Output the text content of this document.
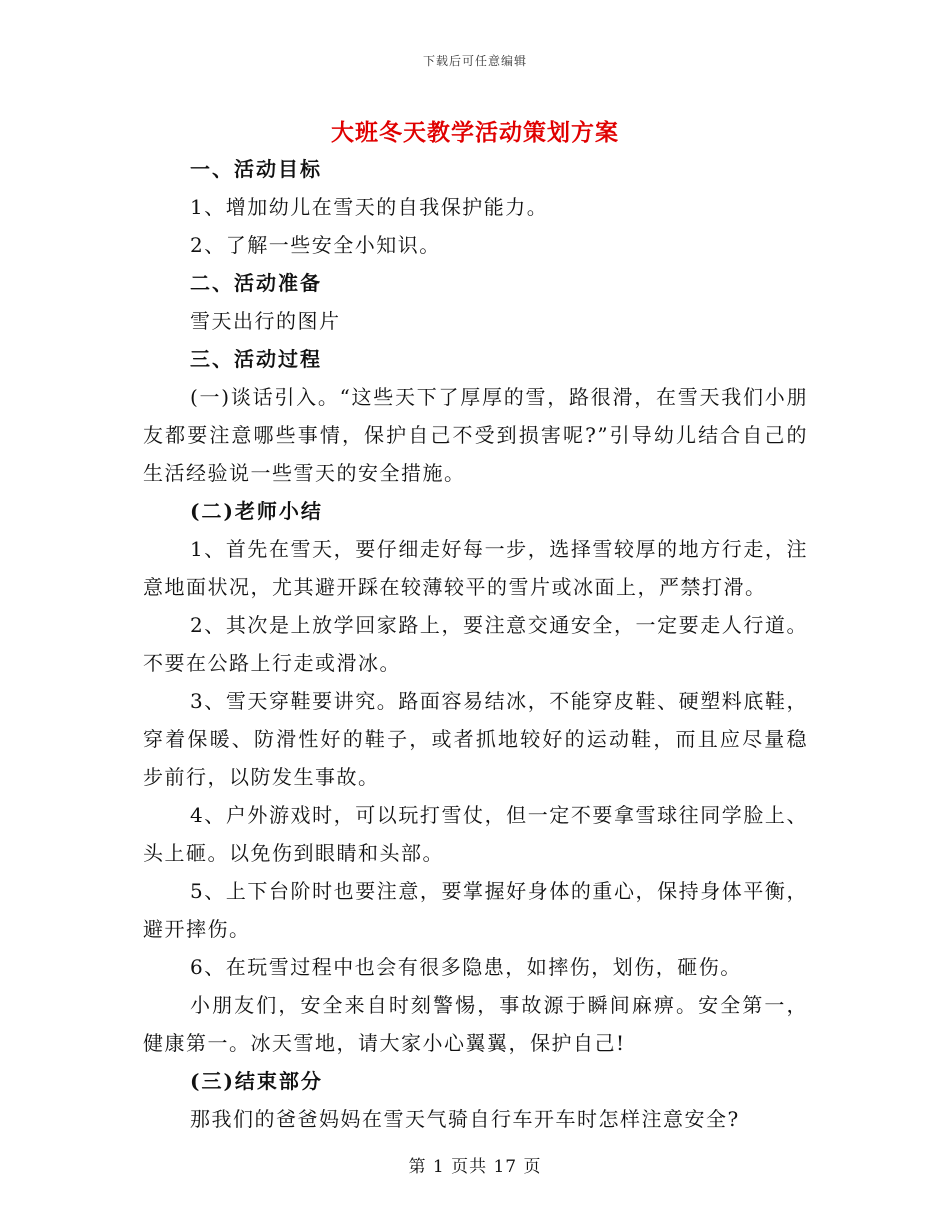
下载后可任意编辑
大班冬天教学活动策划方案

一、活动目标

1、增加幼儿在雪天的自我保护能力。

2、了解一些安全小知识。

二、活动准备

雪天出行的图片

三、活动过程

(一)谈话引入。“这些天下了厚厚的雪，路很滑，在雪天我们小朋友都要注意哪些事情，保护自己不受到损害呢?”引导幼儿结合自己的生活经验说一些雪天的安全措施。

(二)老师小结

1、首先在雪天，要仔细走好每一步，选择雪较厚的地方行走，注意地面状况，尤其避开踩在较薄较平的雪片或冰面上，严禁打滑。

2、其次是上放学回家路上，要注意交通安全，一定要走人行道。不要在公路上行走或滑冰。

3、雪天穿鞋要讲究。路面容易结冰，不能穿皮鞋、硬塑料底鞋，穿着保暖、防滑性好的鞋子，或者抓地较好的运动鞋，而且应尽量稳步前行，以防发生事故。

4、户外游戏时，可以玩打雪仗，但一定不要拿雪球往同学脸上、头上砸。以免伤到眼睛和头部。

5、上下台阶时也要注意，要掌握好身体的重心，保持身体平衡，避开摔伤。

6、在玩雪过程中也会有很多隐患，如摔伤，划伤，砸伤。

小朋友们，安全来自时刻警惕，事故源于瞬间麻痹。安全第一，健康第一。冰天雪地，请大家小心翼翼，保护自己!

(三)结束部分

那我们的爸爸妈妈在雪天气骑自行车开车时怎样注意安全?

第 1 页共 17 页
